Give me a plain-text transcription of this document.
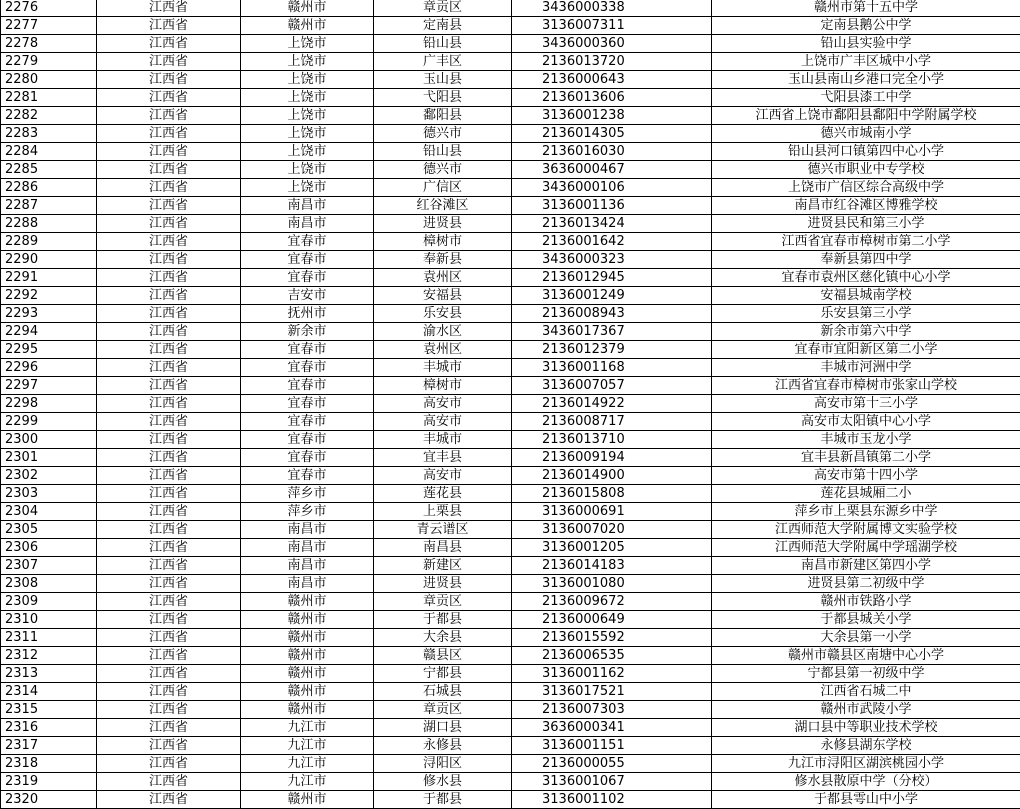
2276	江西省	赣州市	章贡区	3436000338	赣州市第十五中学
2277	江西省	赣州市	定南县	3136007311	定南县鹅公中学
2278	江西省	上饶市	铅山县	3436000360	铅山县实验中学
2279	江西省	上饶市	广丰区	2136013720	上饶市广丰区城中小学
2280	江西省	上饶市	玉山县	2136000643	玉山县南山乡港口完全小学
2281	江西省	上饶市	弋阳县	2136013606	弋阳县漆工中学
2282	江西省	上饶市	鄱阳县	3136001238	江西省上饶市鄱阳县鄱阳中学附属学校
2283	江西省	上饶市	德兴市	2136014305	德兴市城南小学
2284	江西省	上饶市	铅山县	2136016030	铅山县河口镇第四中心小学
2285	江西省	上饶市	德兴市	3636000467	德兴市职业中专学校
2286	江西省	上饶市	广信区	3436000106	上饶市广信区综合高级中学
2287	江西省	南昌市	红谷滩区	3136001136	南昌市红谷滩区博雅学校
2288	江西省	南昌市	进贤县	2136013424	进贤县民和第三小学
2289	江西省	宜春市	樟树市	2136001642	江西省宜春市樟树市第二小学
2290	江西省	宜春市	奉新县	3436000323	奉新县第四中学
2291	江西省	宜春市	袁州区	2136012945	宜春市袁州区慈化镇中心小学
2292	江西省	吉安市	安福县	3136001249	安福县城南学校
2293	江西省	抚州市	乐安县	2136008943	乐安县第三小学
2294	江西省	新余市	渝水区	3436017367	新余市第六中学
2295	江西省	宜春市	袁州区	2136012379	宜春市宜阳新区第二小学
2296	江西省	宜春市	丰城市	3136001168	丰城市河洲中学
2297	江西省	宜春市	樟树市	3136007057	江西省宜春市樟树市张家山学校
2298	江西省	宜春市	高安市	2136014922	高安市第十三小学
2299	江西省	宜春市	高安市	2136008717	高安市太阳镇中心小学
2300	江西省	宜春市	丰城市	2136013710	丰城市玉龙小学
2301	江西省	宜春市	宜丰县	2136009194	宜丰县新昌镇第二小学
2302	江西省	宜春市	高安市	2136014900	高安市第十四小学
2303	江西省	萍乡市	莲花县	2136015808	莲花县城厢二小
2304	江西省	萍乡市	上栗县	3136000691	萍乡市上栗县东源乡中学
2305	江西省	南昌市	青云谱区	3136007020	江西师范大学附属博文实验学校
2306	江西省	南昌市	南昌县	3136001205	江西师范大学附属中学瑶湖学校
2307	江西省	南昌市	新建区	2136014183	南昌市新建区第四小学
2308	江西省	南昌市	进贤县	3136001080	进贤县第二初级中学
2309	江西省	赣州市	章贡区	2136009672	赣州市铁路小学
2310	江西省	赣州市	于都县	2136000649	于都县城关小学
2311	江西省	赣州市	大余县	2136015592	大余县第一小学
2312	江西省	赣州市	赣县区	2136006535	赣州市赣县区南塘中心小学
2313	江西省	赣州市	宁都县	3136001162	宁都县第一初级中学
2314	江西省	赣州市	石城县	3136017521	江西省石城二中
2315	江西省	赣州市	章贡区	2136007303	赣州市武陵小学
2316	江西省	九江市	湖口县	3636000341	湖口县中等职业技术学校
2317	江西省	九江市	永修县	3136001151	永修县湖东学校
2318	江西省	九江市	浔阳区	2136000055	九江市浔阳区湖滨桃园小学
2319	江西省	九江市	修水县	3136001067	修水县散原中学（分校）
2320	江西省	赣州市	于都县	3136001102	于都县雩山中小学
